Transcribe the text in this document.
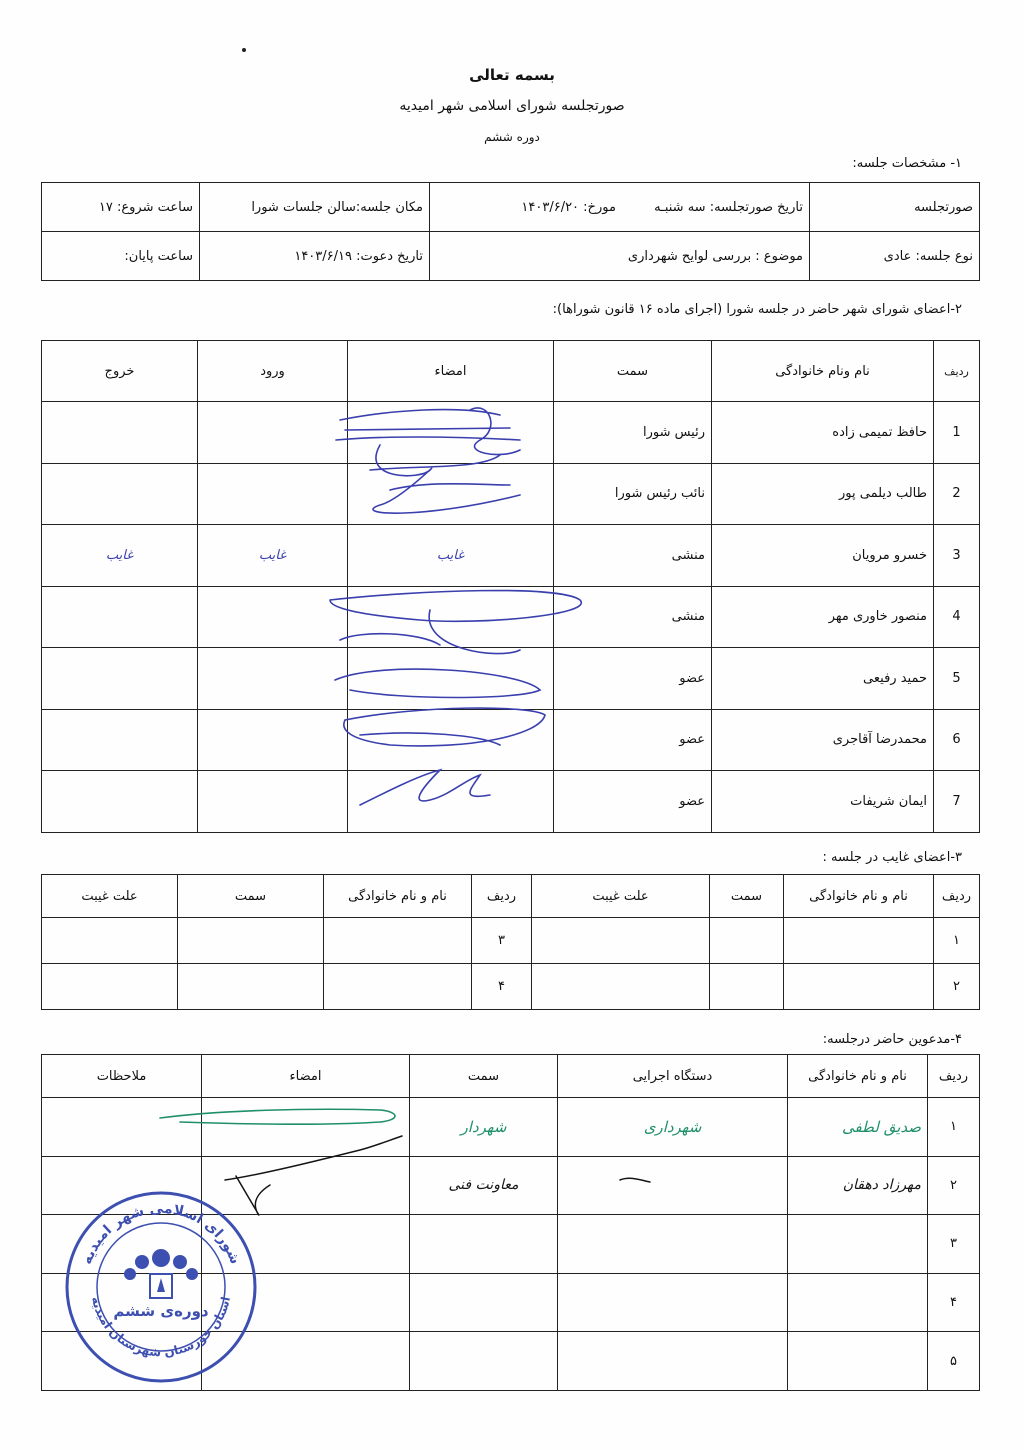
بسمه تعالی
صورتجلسه شورای اسلامی شهر امیدیه
دوره ششم
۱- مشخصات جلسه:
صورتجلسه	تاریخ صورتجلسه: سه شنبـه مورخ: ۱۴۰۳/۶/۲۰	مکان جلسه:سالن جلسات شورا	ساعت شروع: ۱۷
نوع جلسه: عادی	موضوع : بررسی لوایح شهرداری	تاریخ دعوت: ۱۴۰۳/۶/۱۹	ساعت پایان:
۲-اعضای شورای شهر حاضر در جلسه شورا (اجرای ماده ۱۶ قانون شوراها):
ردیف	نام ونام خانوادگی	سمت	امضاء	ورود	خروج
1	حافظ تمیمی زاده	رئیس شورا			
2	طالب دیلمی پور	نائب رئیس شورا			
3	خسرو مرویان	منشی	غایب	غایب	غایب
4	منصور خاوری مهر	منشی			
5	حمید رفیعی	عضو			
6	محمدرضا آقاجری	عضو			
7	ایمان شریفات	عضو			
۳-اعضای غایب در جلسه :
ردیف	نام و نام خانوادگی	سمت	علت غیبت	ردیف	نام و نام خانوادگی	سمت	علت غیبت
۱				۳			
۲				۴			
۴-مدعوین حاضر درجلسه:
ردیف	نام و نام خانوادگی	دستگاه اجرایی	سمت	امضاء	ملاحظات
۱	صدیق لطفی	شهرداری	شهردار		
۲	مهرزاد دهقان		معاونت فنی		
۳					
۴					
۵					
شورای اسلامی شهر امیدیه
استان خوزستان شهرستان امیدیه
دوره‌ی ششم
